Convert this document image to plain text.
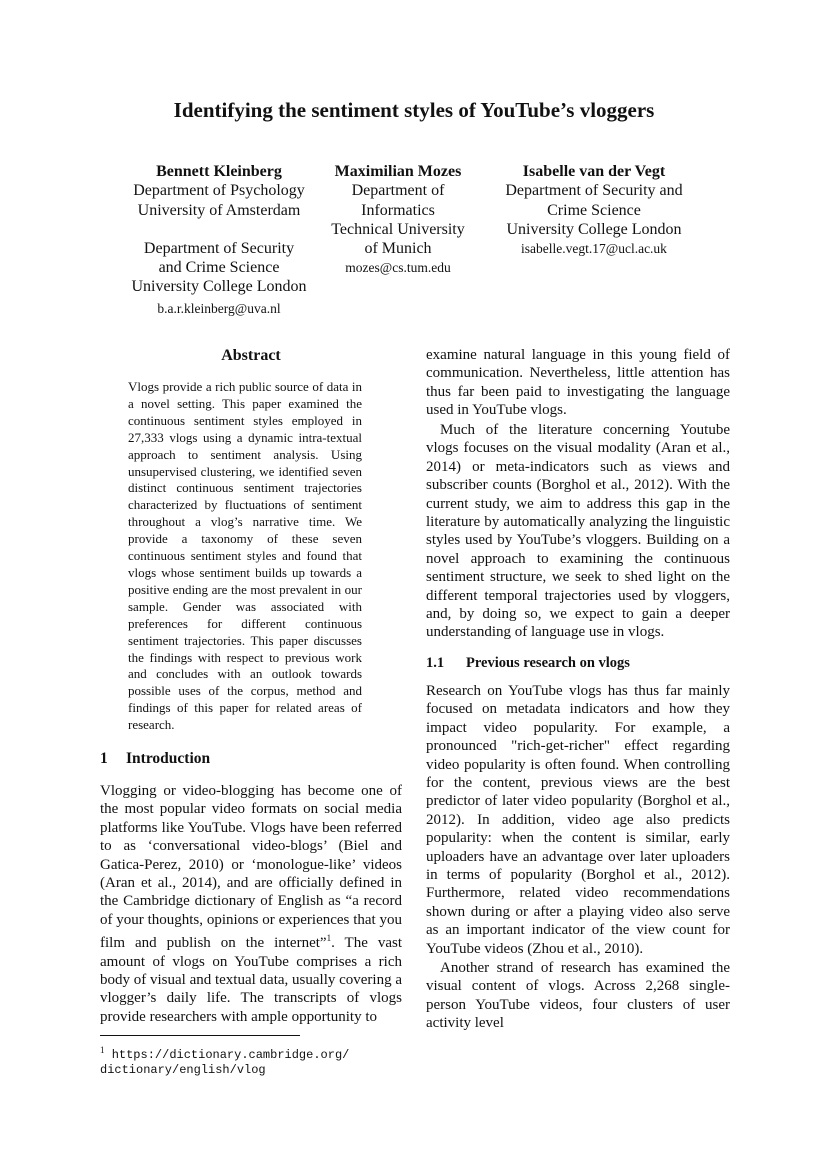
Identifying the sentiment styles of YouTube’s vloggers
Bennett Kleinberg
Department of Psychology
University of Amsterdam
Department of Security
and Crime Science
University College London
b.a.r.kleinberg@uva.nl
Maximilian Mozes
Department of
Informatics
Technical University
of Munich
mozes@cs.tum.edu
Isabelle van der Vegt
Department of Security and
Crime Science
University College London
isabelle.vegt.17@ucl.ac.uk
Abstract
Vlogs provide a rich public source of data in a novel setting. This paper examined the continuous sentiment styles employed in 27,333 vlogs using a dynamic intra-textual approach to sentiment analysis. Using unsupervised clustering, we identified seven distinct continuous sentiment trajectories characterized by fluctuations of sentiment throughout a vlog’s narrative time. We provide a taxonomy of these seven continuous sentiment styles and found that vlogs whose sentiment builds up towards a positive ending are the most prevalent in our sample. Gender was associated with preferences for different continuous sentiment trajectories. This paper discusses the findings with respect to previous work and concludes with an outlook towards possible uses of the corpus, method and findings of this paper for related areas of research.
1 Introduction
Vlogging or video-blogging has become one of the most popular video formats on social media platforms like YouTube. Vlogs have been referred to as ‘conversational video-blogs’ (Biel and Gatica-Perez, 2010) or ‘monologue-like’ videos (Aran et al., 2014), and are officially defined in the Cambridge dictionary of English as “a record of your thoughts, opinions or experiences that you film and publish on the internet”$^1$. The vast amount of vlogs on YouTube comprises a rich body of visual and textual data, usually covering a vlogger’s daily life. The transcripts of vlogs provide researchers with ample opportunity to
examine natural language in this young field of communication. Nevertheless, little attention has thus far been paid to investigating the language used in YouTube vlogs.
Much of the literature concerning Youtube vlogs focuses on the visual modality (Aran et al., 2014) or meta-indicators such as views and subscriber counts (Borghol et al., 2012). With the current study, we aim to address this gap in the literature by automatically analyzing the linguistic styles used by YouTube’s vloggers. Building on a novel approach to examining the continuous sentiment structure, we seek to shed light on the different temporal trajectories used by vloggers, and, by doing so, we expect to gain a deeper understanding of language use in vlogs.
1.1 Previous research on vlogs
Research on YouTube vlogs has thus far mainly focused on metadata indicators and how they impact video popularity. For example, a pronounced "rich-get-richer" effect regarding video popularity is often found. When controlling for the content, previous views are the best predictor of later video popularity (Borghol et al., 2012). In addition, video age also predicts popularity: when the content is similar, early uploaders have an advantage over later uploaders in terms of popularity (Borghol et al., 2012). Furthermore, related video recommendations shown during or after a playing video also serve as an important indicator of the view count for YouTube videos (Zhou et al., 2010).
Another strand of research has examined the visual content of vlogs. Across 2,268 single-person YouTube videos, four clusters of user activity level
$^1$ https://dictionary.cambridge.org/
dictionary/english/vlog
